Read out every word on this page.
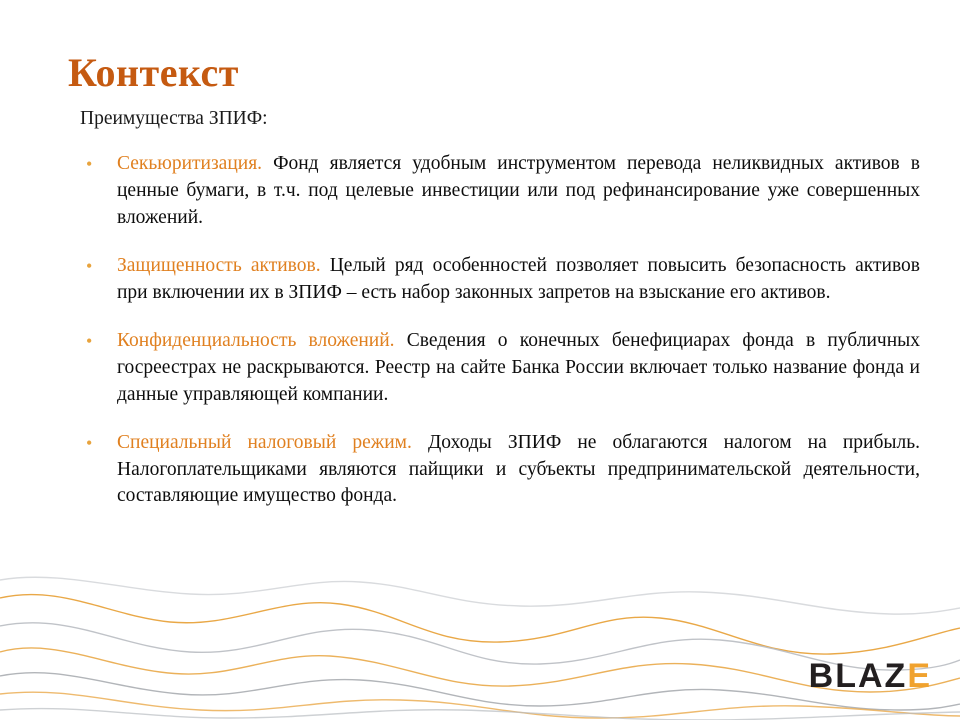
Контекст
Преимущества ЗПИФ:
• Секьюритизация. Фонд является удобным инструментом перевода неликвидных активов в ценные бумаги, в т.ч. под целевые инвестиции или под рефинансирование уже совершенных вложений.
• Защищенность активов. Целый ряд особенностей позволяет повысить безопасность активов при включении их в ЗПИФ – есть набор законных запретов на взыскание его активов.
• Конфиденциальность вложений. Сведения о конечных бенефициарах фонда в публичных госреестрах не раскрываются. Реестр на сайте Банка России включает только название фонда и данные управляющей компании.
• Специальный налоговый режим. Доходы ЗПИФ не облагаются налогом на прибыль. Налогоплательщиками являются пайщики и субъекты предпринимательской деятельности, составляющие имущество фонда.
BLAZE
